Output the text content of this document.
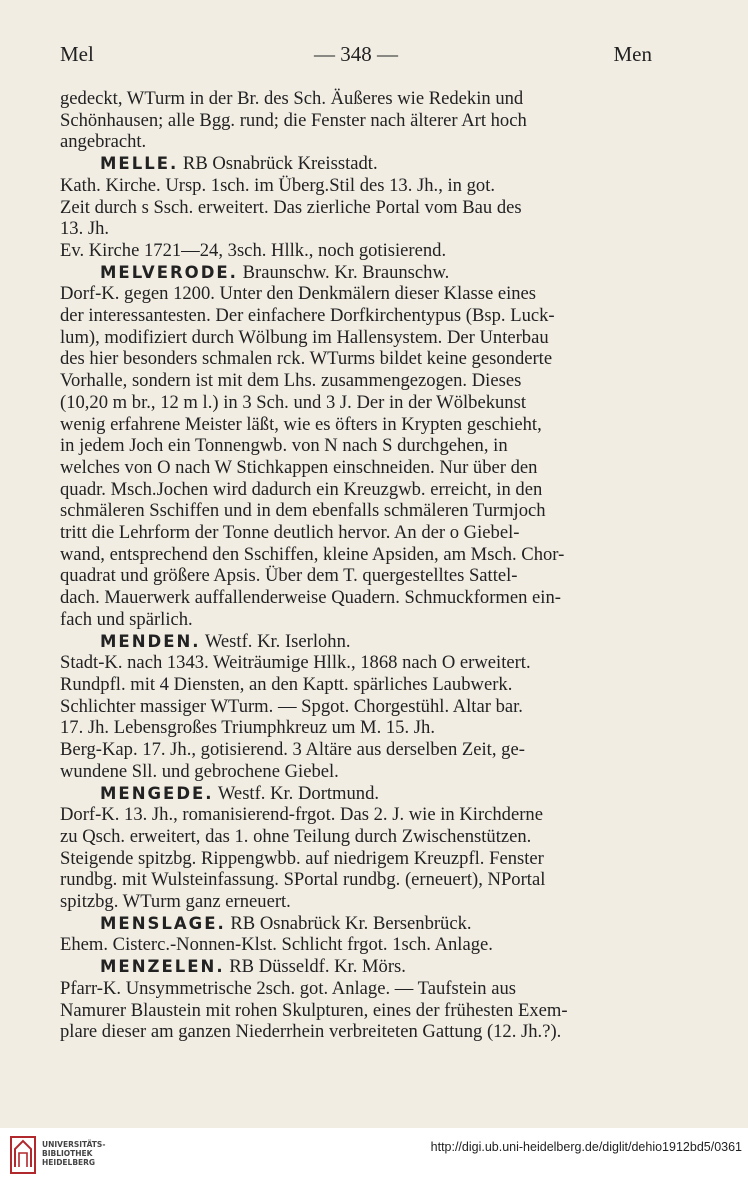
Mel	— 348 —	Men

gedeckt, WTurm in der Br. des Sch. Äußeres wie Redekin und

Schönhausen; alle Bgg. rund; die Fenster nach älterer Art hoch

angebracht.

MELLE. RB Osnabrück Kreisstadt.

Kath. Kirche. Ursp. 1sch. im Überg.Stil des 13. Jh., in got.

Zeit durch s Ssch. erweitert. Das zierliche Portal vom Bau des

13. Jh.

Ev. Kirche 1721—24, 3sch. Hllk., noch gotisierend.

MELVERODE. Braunschw. Kr. Braunschw.

Dorf-K. gegen 1200. Unter den Denkmälern dieser Klasse eines

der interessantesten. Der einfachere Dorfkirchentypus (Bsp. Luck-

lum), modifiziert durch Wölbung im Hallensystem. Der Unterbau

des hier besonders schmalen rck. WTurms bildet keine gesonderte

Vorhalle, sondern ist mit dem Lhs. zusammengezogen. Dieses

(10,20 m br., 12 m l.) in 3 Sch. und 3 J. Der in der Wölbekunst

wenig erfahrene Meister läßt, wie es öfters in Krypten geschieht,

in jedem Joch ein Tonnengwb. von N nach S durchgehen, in

welches von O nach W Stichkappen einschneiden. Nur über den

quadr. Msch.Jochen wird dadurch ein Kreuzgwb. erreicht, in den

schmäleren Sschiffen und in dem ebenfalls schmäleren Turmjoch

tritt die Lehrform der Tonne deutlich hervor. An der o Giebel-

wand, entsprechend den Sschiffen, kleine Apsiden, am Msch. Chor-

quadrat und größere Apsis. Über dem T. quergestelltes Sattel-

dach. Mauerwerk auffallenderweise Quadern. Schmuckformen ein-

fach und spärlich.

MENDEN. Westf. Kr. Iserlohn.

Stadt-K. nach 1343. Weiträumige Hllk., 1868 nach O erweitert.

Rundpfl. mit 4 Diensten, an den Kaptt. spärliches Laubwerk.

Schlichter massiger WTurm. — Spgot. Chorgestühl. Altar bar.

17. Jh. Lebensgroßes Triumphkreuz um M. 15. Jh.

Berg-Kap. 17. Jh., gotisierend. 3 Altäre aus derselben Zeit, ge-

wundene Sll. und gebrochene Giebel.

MENGEDE. Westf. Kr. Dortmund.

Dorf-K. 13. Jh., romanisierend-frgot. Das 2. J. wie in Kirchderne

zu Qsch. erweitert, das 1. ohne Teilung durch Zwischenstützen.

Steigende spitzbg. Rippengwbb. auf niedrigem Kreuzpfl. Fenster

rundbg. mit Wulsteinfassung. SPortal rundbg. (erneuert), NPortal

spitzbg. WTurm ganz erneuert.

MENSLAGE. RB Osnabrück Kr. Bersenbrück.

Ehem. Cisterc.-Nonnen-Klst. Schlicht frgot. 1sch. Anlage.

MENZELEN. RB Düsseldf. Kr. Mörs.

Pfarr-K. Unsymmetrische 2sch. got. Anlage. — Taufstein aus

Namurer Blaustein mit rohen Skulpturen, eines der frühesten Exem-

plare dieser am ganzen Niederrhein verbreiteten Gattung (12. Jh.?).

UNIVERSITÄTS-
BIBLIOTHEK
HEIDELBERG
http://digi.ub.uni-heidelberg.de/diglit/dehio1912bd5/0361
